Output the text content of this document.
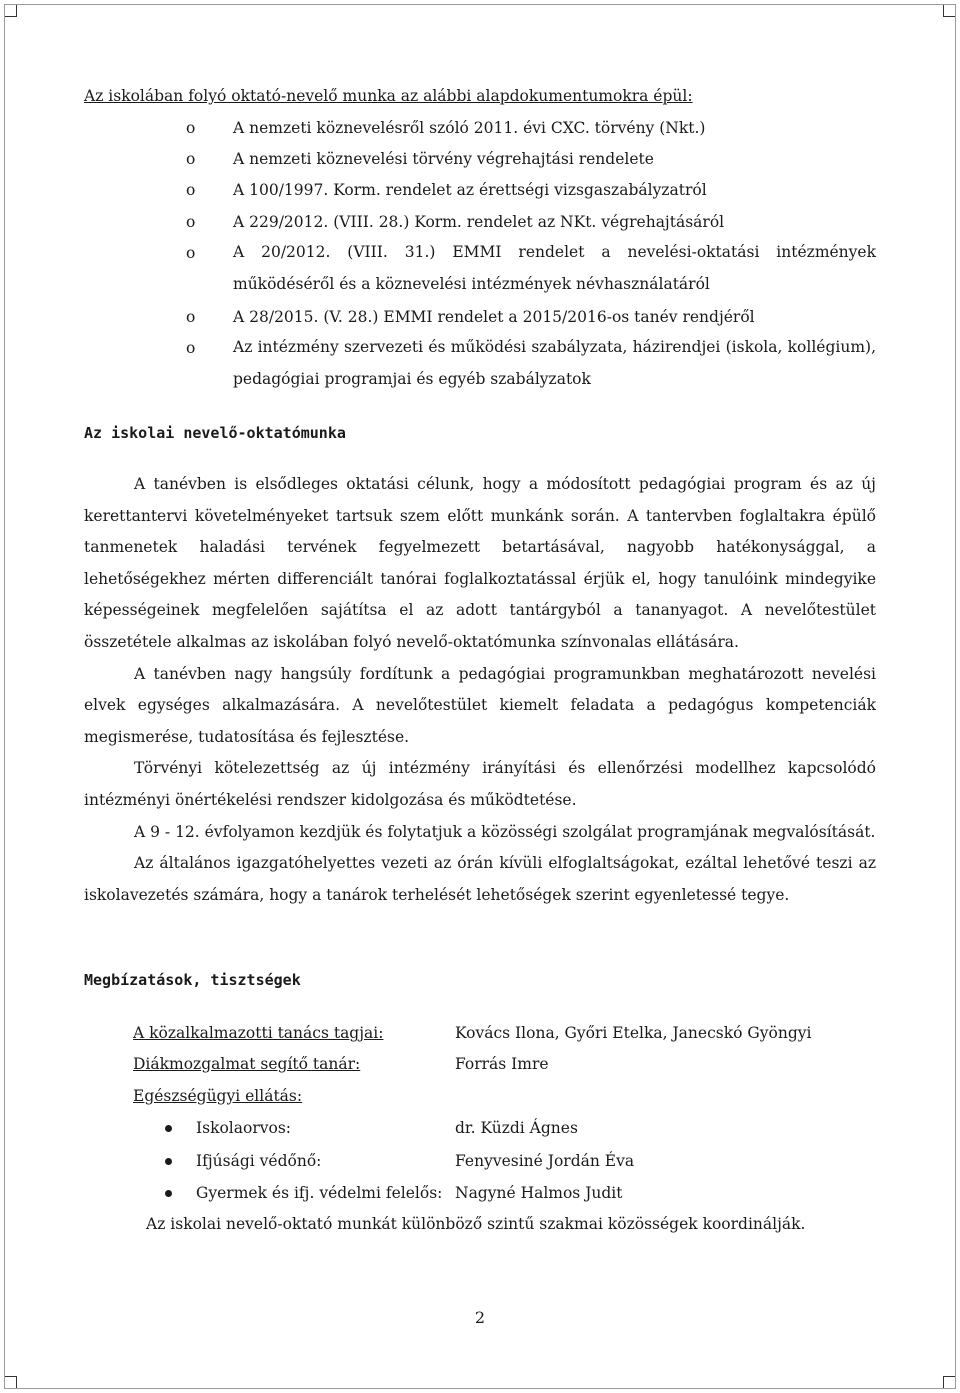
Az iskolában folyó oktató-nevelő munka az alábbi alapdokumentumokra épül:
o A nemzeti köznevelésről szóló 2011. évi CXC. törvény (Nkt.)
o A nemzeti köznevelési törvény végrehajtási rendelete
o A 100/1997. Korm. rendelet az érettségi vizsgaszabályzatról
o A 229/2012. (VIII. 28.) Korm. rendelet az NKt. végrehajtásáról
o A 20/2012. (VIII. 31.) EMMI rendelet a nevelési-oktatási intézmények működéséről és a köznevelési intézmények névhasználatáról
o A 28/2015. (V. 28.) EMMI rendelet a 2015/2016-os tanév rendjéről
o Az intézmény szervezeti és működési szabályzata, házirendjei (iskola, kollégium), pedagógiai programjai és egyéb szabályzatok
Az iskolai nevelő-oktatómunka

A tanévben is elsődleges oktatási célunk, hogy a módosított pedagógiai program és az új kerettantervi követelményeket tartsuk szem előtt munkánk során. A tantervben foglaltakra épülő tanmenetek haladási tervének fegyelmezett betartásával, nagyobb hatékonysággal, a lehetőségekhez mérten differenciált tanórai foglalkoztatással érjük el, hogy tanulóink mindegyike képességeinek megfelelően sajátítsa el az adott tantárgyból a tananyagot. A nevelőtestület összetétele alkalmas az iskolában folyó nevelő-oktatómunka színvonalas ellátására.

A tanévben nagy hangsúly fordítunk a pedagógiai programunkban meghatározott nevelési elvek egységes alkalmazására. A nevelőtestület kiemelt feladata a pedagógus kompetenciák megismerése, tudatosítása és fejlesztése.

Törvényi kötelezettség az új intézmény irányítási és ellenőrzési modellhez kapcsolódó intézményi önértékelési rendszer kidolgozása és működtetése.

A 9 - 12. évfolyamon kezdjük és folytatjuk a közösségi szolgálat programjának megvalósítását.

Az általános igazgatóhelyettes vezeti az órán kívüli elfoglaltságokat, ezáltal lehetővé teszi az iskolavezetés számára, hogy a tanárok terhelését lehetőségek szerint egyenletessé tegye.

Megbízatások, tisztségek
A közalkalmazotti tanács tagjai:	Kovács Ilona, Győri Etelka, Janecskó Gyöngyi
Diákmozgalmat segítő tanár:	Forrás Imre
Egészségügyi ellátás:
Iskolaorvos:	dr. Küzdi Ágnes
Ifjúsági védőnő:	Fenyvesiné Jordán Éva
Gyermek és ifj. védelmi felelős: Nagyné Halmos Judit
Az iskolai nevelő-oktató munkát különböző szintű szakmai közösségek koordinálják.
2
